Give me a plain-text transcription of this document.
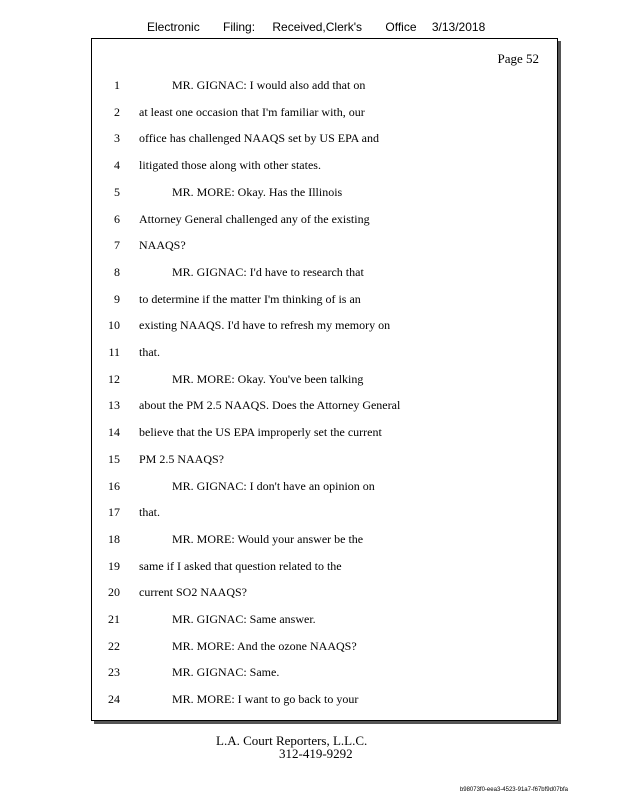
Electronic Filing: Received,Clerk's Office 3/13/2018
Page 52
1	MR. GIGNAC: I would also add that on
2 at least one occasion that I'm familiar with, our
3 office has challenged NAAQS set by US EPA and
4 litigated those along with other states.
5	MR. MORE: Okay. Has the Illinois
6 Attorney General challenged any of the existing
7 NAAQS?
8	MR. GIGNAC: I'd have to research that
9 to determine if the matter I'm thinking of is an
10 existing NAAQS. I'd have to refresh my memory on
11 that.
12	MR. MORE: Okay. You've been talking
13 about the PM 2.5 NAAQS. Does the Attorney General
14 believe that the US EPA improperly set the current
15 PM 2.5 NAAQS?
16	MR. GIGNAC: I don't have an opinion on
17 that.
18	MR. MORE: Would your answer be the
19 same if I asked that question related to the
20 current SO2 NAAQS?
21	MR. GIGNAC: Same answer.
22	MR. MORE: And the ozone NAAQS?
23	MR. GIGNAC: Same.
24	MR. MORE: I want to go back to your
L.A. Court Reporters, L.L.C.
312-419-9292
b98073f0-eea3-4523-91a7-f67bf9d07bfa
